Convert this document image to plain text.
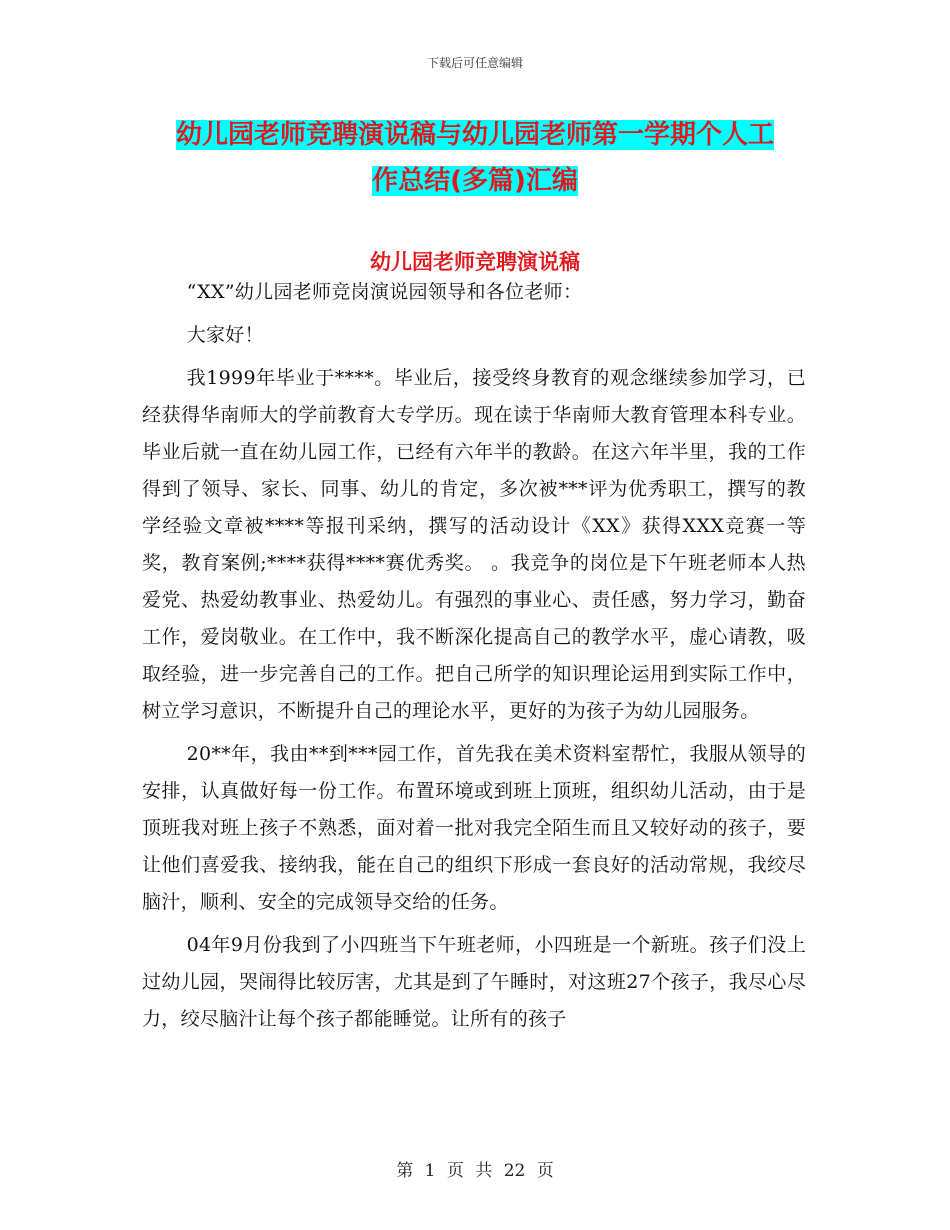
下载后可任意编辑
幼儿园老师竞聘演说稿与幼儿园老师第一学期个人工
作总结(多篇)汇编
幼儿园老师竞聘演说稿

“XX”幼儿园老师竞岗演说园领导和各位老师：

大家好！

我1999年毕业于****。毕业后，接受终身教育的观念继续参加学习，已经获得华南师大的学前教育大专学历。现在读于华南师大教育管理本科专业。毕业后就一直在幼儿园工作，已经有六年半的教龄。在这六年半里，我的工作得到了领导、家长、同事、幼儿的肯定，多次被***评为优秀职工，撰写的教学经验文章被****等报刊采纳，撰写的活动设计《XX》获得XXX竞赛一等奖，教育案例;****获得****赛优秀奖。 。我竞争的岗位是下午班老师本人热爱党、热爱幼教事业、热爱幼儿。有强烈的事业心、责任感，努力学习，勤奋工作，爱岗敬业。在工作中，我不断深化提高自己的教学水平，虚心请教，吸取经验，进一步完善自己的工作。把自己所学的知识理论运用到实际工作中，树立学习意识，不断提升自己的理论水平，更好的为孩子为幼儿园服务。

20**年，我由**到***园工作，首先我在美术资料室帮忙，我服从领导的安排，认真做好每一份工作。布置环境或到班上顶班，组织幼儿活动，由于是顶班我对班上孩子不熟悉，面对着一批对我完全陌生而且又较好动的孩子，要让他们喜爱我、接纳我，能在自己的组织下形成一套良好的活动常规，我绞尽脑汁，顺利、安全的完成领导交给的任务。

04年9月份我到了小四班当下午班老师，小四班是一个新班。孩子们没上过幼儿园，哭闹得比较厉害，尤其是到了午睡时，对这班27个孩子，我尽心尽力，绞尽脑汁让每个孩子都能睡觉。让所有的孩子

第 1 页 共 22 页
